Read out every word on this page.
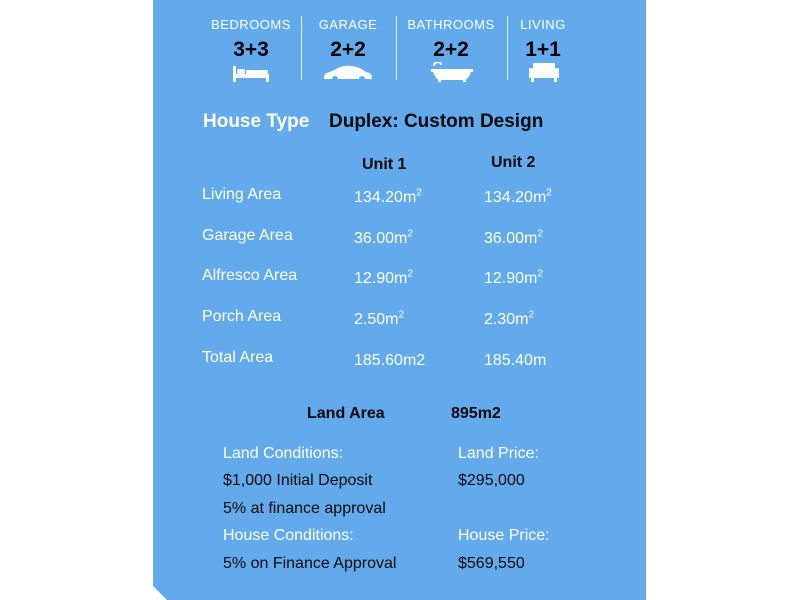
BEDROOMS
3+3
GARAGE
2+2
BATHROOMS
2+2
LIVING
1+1
House Type Duplex: Custom Design
Unit 1	Unit 2
Living Area	$134.20m^2$	$134.20m^2$
Garage Area	$36.00m^2$	$36.00m^2$
Alfresco Area	$12.90m^2$	$12.90m^2$
Porch Area	$2.50m^2$	$2.30m^2$
Total Area	185.60m2	185.40m
Land Area	895m2
Land Conditions:
$1,000 Initial Deposit
5% at finance approval
Land Price:
$295,000
House Conditions:
5% on Finance Approval
House Price:
$569,550
